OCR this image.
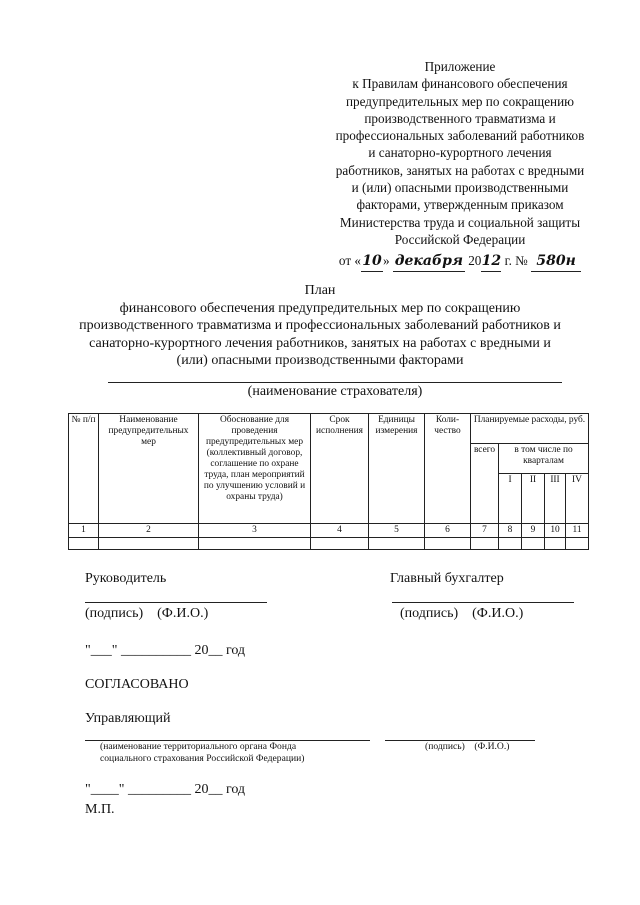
Приложение
к Правилам финансового обеспечения
предупредительных мер по сокращению
производственного травматизма и
профессиональных заболеваний работников
и санаторно-курортного лечения
работников, занятых на работах с вредными
и (или) опасными производственными
факторами, утвержденным приказом
Министерства труда и социальной защиты
Российской Федерации
от «10» декабря 2012 г. № 580н
План
финансового обеспечения предупредительных мер по сокращению
производственного травматизма и профессиональных заболеваний работников и
санаторно-курортного лечения работников, занятых на работах с вредными и
(или) опасными производственными факторами
(наименование страхователя)
№ п/п	Наименование предупредительных мер	Обоснование для проведения предупредительных мер (коллективный договор, соглашение по охране труда, план мероприятий по улучшению условий и охраны труда)	Срок исполнения	Единицы измерения	Коли-чество	Планируемые расходы, руб.				
						всего	в том числе по кварталам			
							I	II	III	IV
1	2	3	4	5	6	7	8	9	10	11

Руководитель	Главный бухгалтер
(подпись) (Ф.И.О.)	(подпись) (Ф.И.О.)
"___" __________ 20__ год
СОГЛАСОВАНО
Управляющий
(наименование территориального органа Фонда
социального страхования Российской Федерации)
(подпись) (Ф.И.О.)
"____" _________ 20__ год
М.П.
